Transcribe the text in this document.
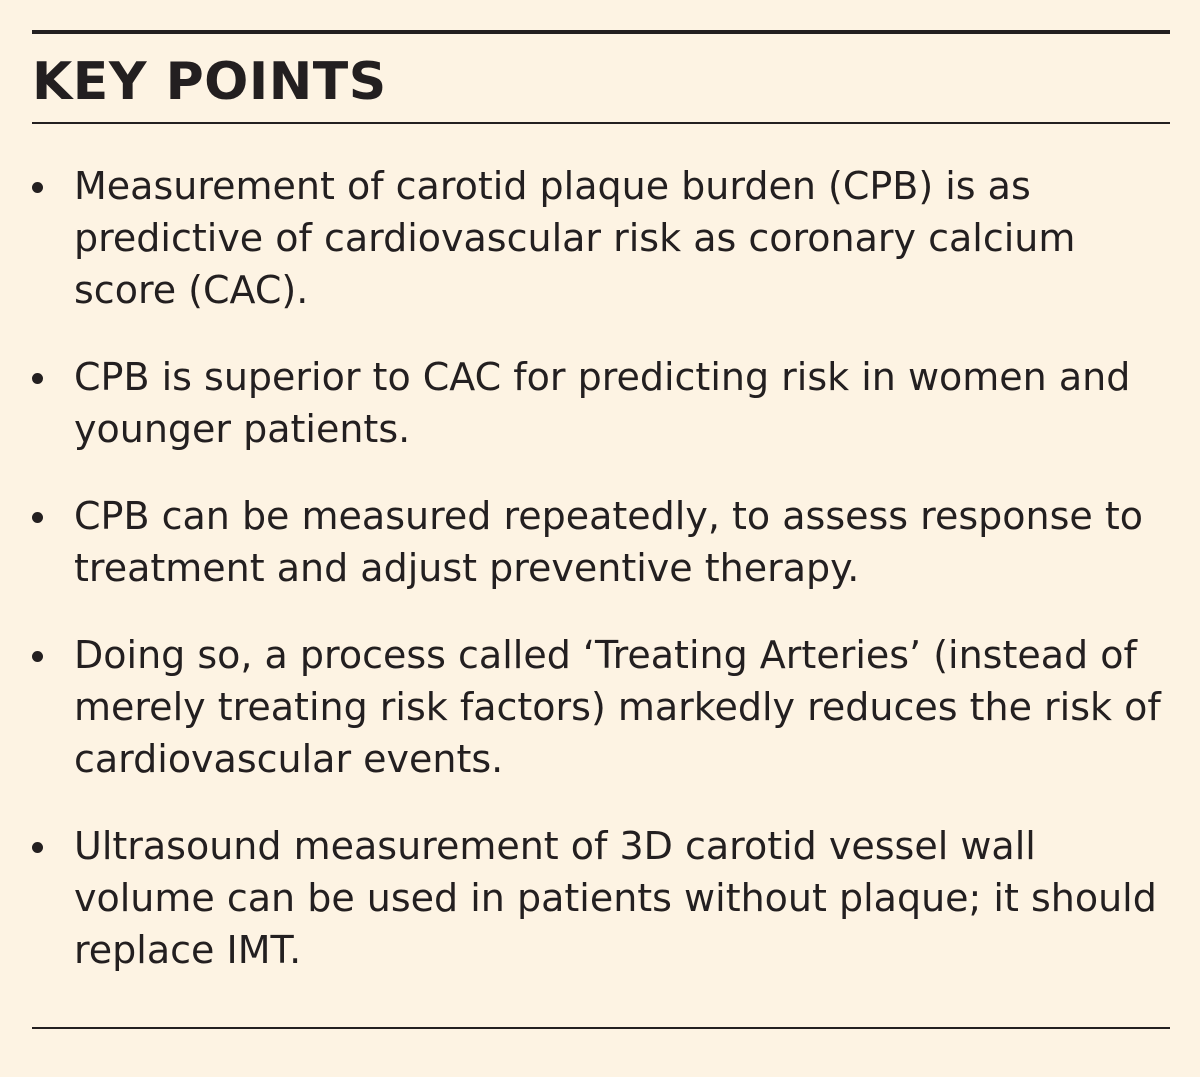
KEY POINTS
Measurement of carotid plaque burden (CPB) is as predictive of cardiovascular risk as coronary calcium score (CAC).
CPB is superior to CAC for predicting risk in women and younger patients.
CPB can be measured repeatedly, to assess response to treatment and adjust preventive therapy.
Doing so, a process called ‘Treating Arteries’ (instead of merely treating risk factors) markedly reduces the risk of cardiovascular events.
Ultrasound measurement of 3D carotid vessel wall volume can be used in patients without plaque; it should replace IMT.
